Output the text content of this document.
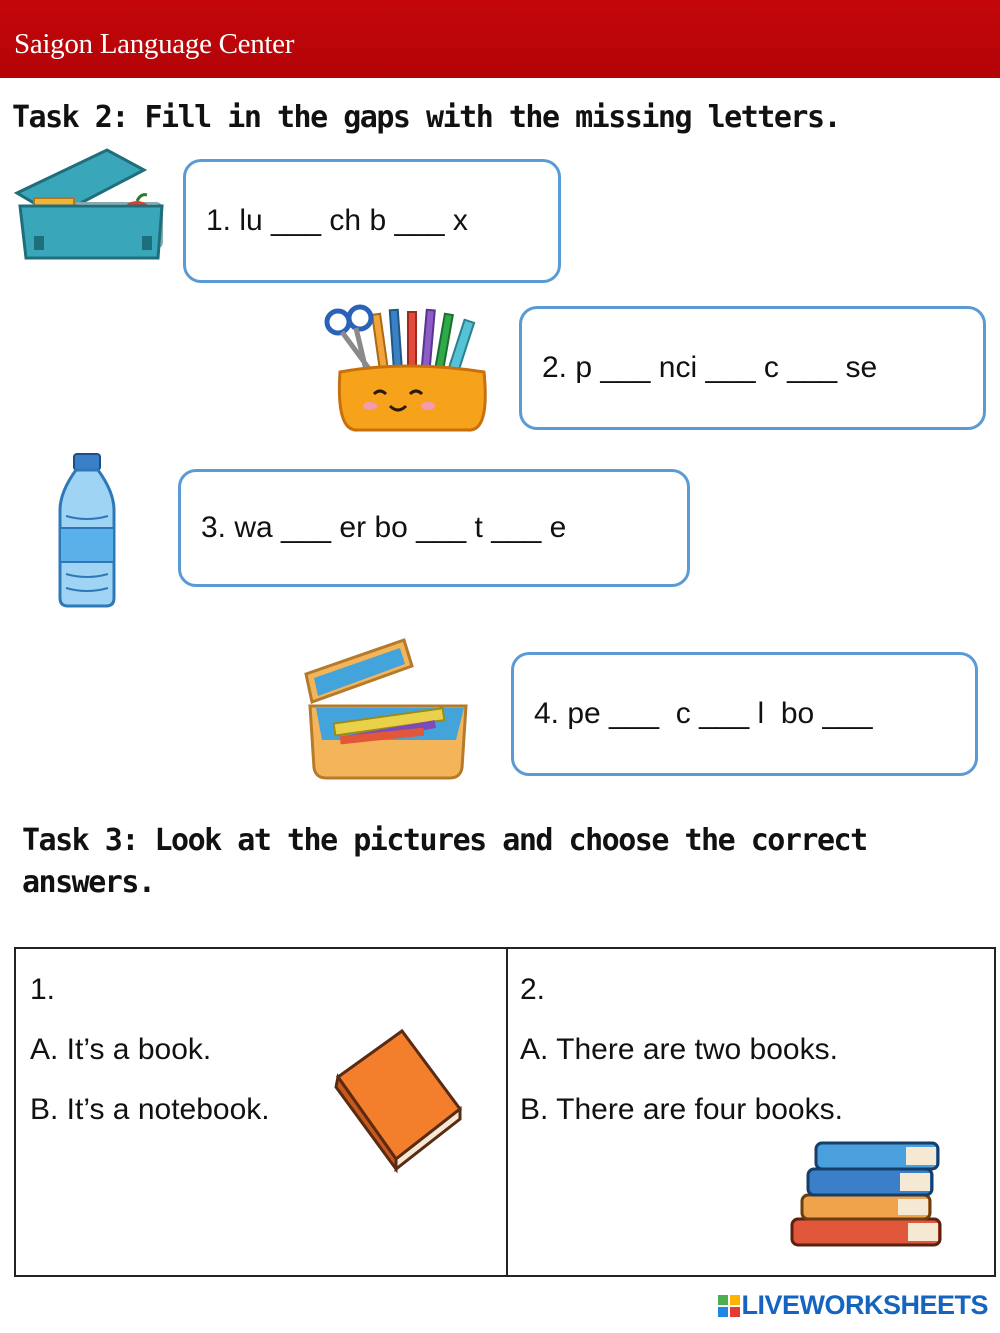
Saigon Language Center
Task 2: Fill in the gaps with the missing letters.
1. lu ___ ch b ___ x
2. p ___ nci ___ c ___ se
3. wa ___ er bo ___ t ___ e
4. pe ___  c ___ l  bo ___
Task 3: Look at the pictures and choose the correct answers.
1.
A. It’s a book.
B. It’s a notebook.
2.
A. There are two books.
B. There are four books.
LIVEWORKSHEETS
